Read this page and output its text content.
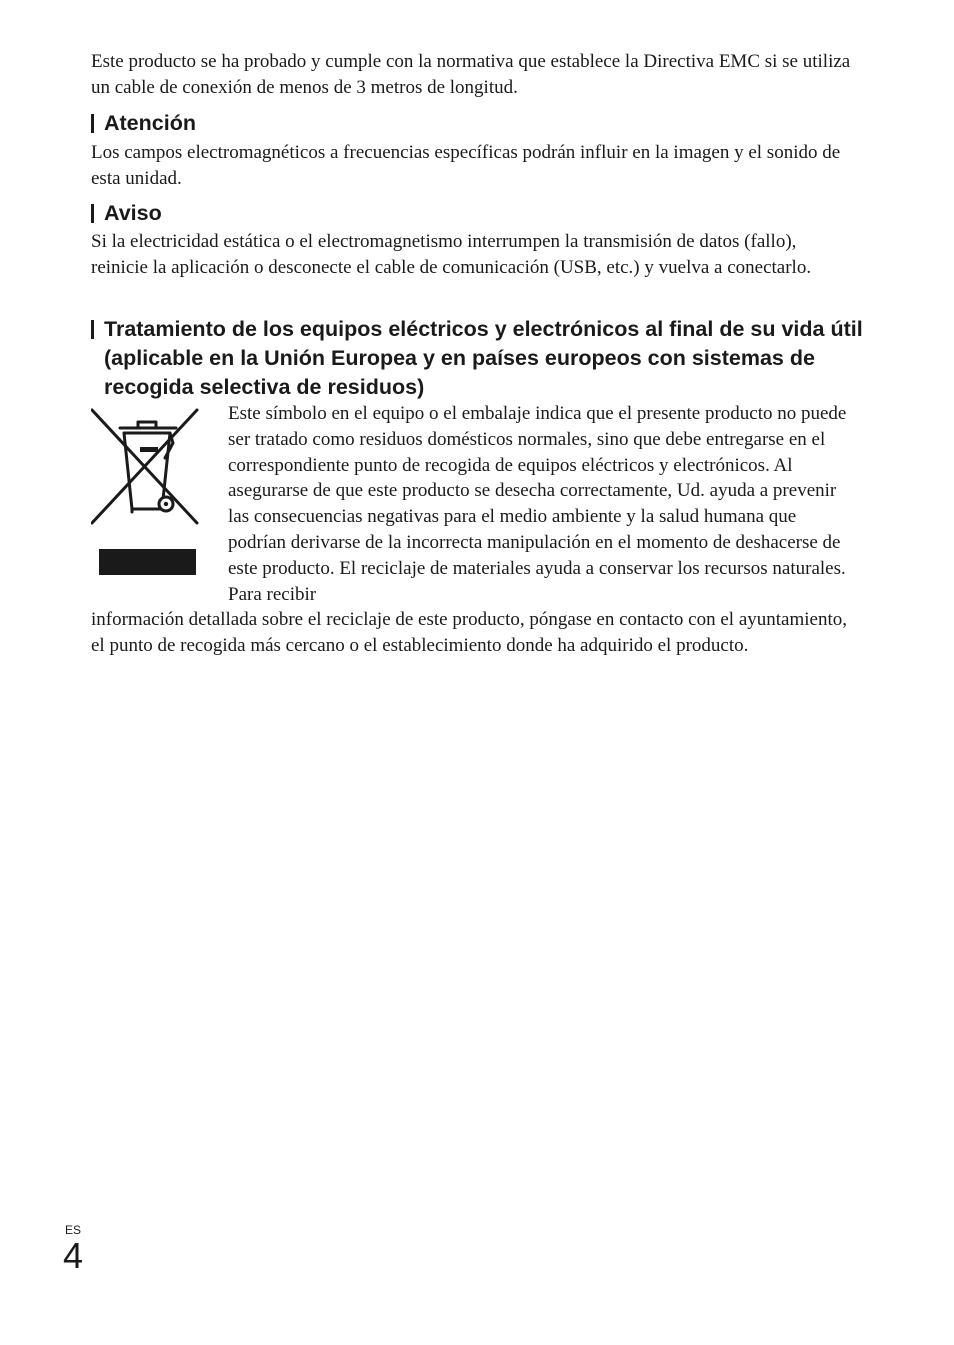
Este producto se ha probado y cumple con la normativa que establece la Directiva EMC si se utiliza un cable de conexión de menos de 3 metros de longitud.

Atención

Los campos electromagnéticos a frecuencias específicas podrán influir en la imagen y el sonido de esta unidad.

Aviso

Si la electricidad estática o el electromagnetismo interrumpen la transmisión de datos (fallo), reinicie la aplicación o desconecte el cable de comunicación (USB, etc.) y vuelva a conectarlo.

Tratamiento de los equipos eléctricos y electrónicos al final de su vida útil (aplicable en la Unión Europea y en países europeos con sistemas de recogida selectiva de residuos)

Este símbolo en el equipo o el embalaje indica que el presente producto no puede ser tratado como residuos domésticos normales, sino que debe entregarse en el correspondiente punto de recogida de equipos eléctricos y electrónicos. Al asegurarse de que este producto se desecha correctamente, Ud. ayuda a prevenir las consecuencias negativas para el medio ambiente y la salud humana que podrían derivarse de la incorrecta manipulación en el momento de deshacerse de este producto. El reciclaje de materiales ayuda a conservar los recursos naturales. Para recibir

información detallada sobre el reciclaje de este producto, póngase en contacto con el ayuntamiento, el punto de recogida más cercano o el establecimiento donde ha adquirido el producto.

ES
4
